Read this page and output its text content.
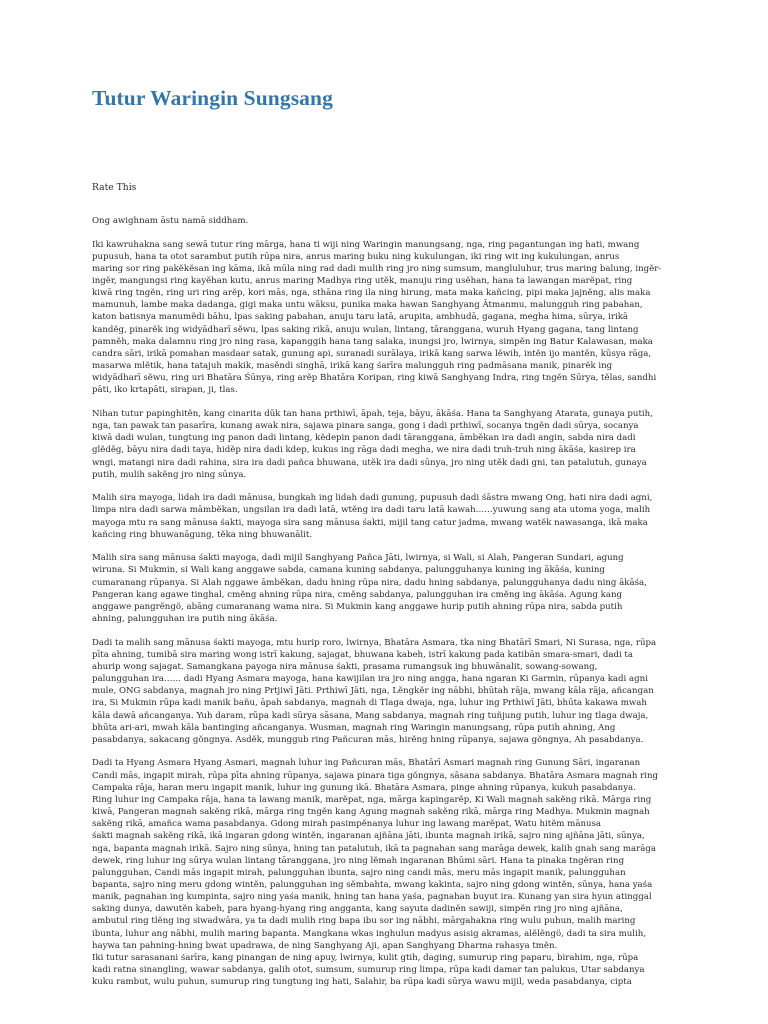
Tutur Waringin Sungsang
Rate This
Ong awighnam āstu namā siddham.
Iki kawruhakna sang sewā tutur ring mārga, hana ti wiji ning Waringin manungsang, nga, ring pagantungan ing hati, mwang
pupusuh, hana ta otot sarambut putih rūpa nira, anrus maring buku ning kukulungan, iki ring wit ing kukulungan, anrus
maring sor ring pakĕkĕsan ing kāma, ikā mūla ning rad dadi mulih ring jro ning sumsum, mangluluhur, trus maring balung, ingĕr-
ingĕr, mangungsi ring kayĕhan kutu, anrus maring Madhya ring utĕk, manuju ring usĕhan, hana ta lawangan marĕpat, ring
kiwā ring tngĕn, ring uri ring arĕp, kori mās, nga, sthāna ring ila ning hirung, mata maka kañcing, pipi maka jajnĕng, alis maka
mamunuh, lambe maka dadanga, gigi maka untu wāksu, punika maka hawan Sanghyang Ātmanmu, malungguh ring pabahan,
katon batisnya manumĕdi bāhu, lpas saking pabahan, anuju taru latā, arupita, ambhudā, gagana, megha hima, sūrya, irikā
kandĕg, pinarĕk ing widyādharī sĕwu, lpas saking rikā, anuju wulan, lintang, tāranggana, wuruh Hyang gagana, tang lintang
pamnĕh, maka dalamnu ring jro ning rasa, kapanggih hana tang salaka, inungsi jro, lwirnya, simpĕn ing Batur Kalawasan, maka
candra sāri, irikā pomahan masdaar satak, gunung api, suranadi surālaya, irikā kang sarwa lĕwih, intĕn ijo mantĕn, kūsya rāga,
masarwa mlĕtik, hana tatajuh makik, masĕndi singhā, irikā kang śarīra malungguh ring padmāsana manik, pinarĕk ing
widyādharī sĕwu, ring uri Bhatāra Śūnya, ring arĕp Bhatāra Koripan, ring kiwā Sanghyang Indra, ring tngĕn Sūrya, tĕlas, sandhi
pāti, iko krtapāti, sirapan, ji, tlas.
Nihan tutur papinghitĕn, kang cinarita dūk tan hana prthiwī, āpah, teja, bāyu, ākāśa. Hana ta Sanghyang Atarata, gunaya putih,
nga, tan pawak tan pasarīra, kunang awak nira, sajawa pinara sanga, gong i dadi prthiwī, socanya tngĕn dadi sūrya, socanya
kiwā dadi wulan, tungtung ing panon dadi lintang, kĕdepin panon dadi tāranggana, āmbĕkan ira dadi angin, sabda nira dadi
glĕdĕg, bāyu nira dadi taya, hidĕp nira dadi kdep, kukus ing rāga dadi megha, we nira dadi truh-truh ning ākāśa, kasirep ira
wngi, matangi nira dadi rahina, sira ira dadi pañca bhuwana, utĕk ira dadi sūnya, jro ning utĕk dadi gni, tan patalutuh, gunaya
putih, mulih sakĕng jro ning sūnya.
Malih sira mayoga, lidah ira dadi mānusa, bungkah ing lidah dadi gunung, pupusuh dadi śāstra mwang Ong, hati nira dadi agni,
limpa nira dadi sarwa māmbĕkan, ungsilan ira dadi latā, wtĕng ira dadi taru latā kawah……yuwung sang ata utoma yoga, malih
mayoga mtu ra sang mānusa śakti, mayoga sira sang mānusa śakti, mijil tang catur jadma, mwang watĕk nawasanga, ikā maka
kañcing ring bhuwanāgung, tĕka ning bhuwanālit.
Malih sira sang mānusa śakti mayoga, dadi mijil Sanghyang Pañca Jāti, lwirnya, si Wali, si Alah, Pangeran Sundari, agung
wiruna. Si Mukmin, si Wali kang anggawe sabda, camana kuning sabdanya, palungguhanya kuning ing ākāśa, kuning
cumaranang rūpanya. Si Alah nggawe āmbĕkan, dadu hning rūpa nira, dadu hning sabdanya, palungguhanya dadu ning ākāśa,
Pangeran kang agawe tinghal, cmĕng ahning rūpa nira, cmĕng sabdanya, palungguhan ira cmĕng ing ākāśa. Agung kang
anggawe pangrĕngö, abāng cumaranang wama nira. Si Mukmin kang anggawe hurip putih ahning rūpa nira, sabda putih
ahning, palungguhan ira putih ning ākāśa.
Dadi ta malih sang mānusa śakti mayoga, mtu hurip roro, lwirnya, Bhatāra Asmara, tka ning Bhatārī Smari, Ni Surasa, nga, rūpa
pīta ahning, tumibā sira maring wong istrī kakung, sajagat, bhuwana kabeh, istrī kakung pada katibān smara-smari, dadi ta
ahurip wong sajagat. Samangkana payoga nira mānusa śakti, prasama rumangsuk ing bhuwānalit, sowang-sowang,
palungguhan ira…… dadi Hyang Asmara mayoga, hana kawijilan ira jro ning angga, hana ngaran Ki Garmin, rūpanya kadi agni
mule, ONG sabdanya, magnah jro ning Prtjiwī Jāti. Prthiwī Jāti, nga, Lĕngkĕr ing nābhi, bhūtah rāja, mwang kāla rāja, añcangan
ira, Si Mukmin rūpa kadi manik bañu, āpah sabdanya, magnah di Tlaga dwaja, nga, luhur ing Prthiwī Jāti, bhūta kakawa mwah
kāla dawā añcanganya. Yuh daram, rūpa kadi sūrya sāsana, Mang sabdanya, magnah ring tuñjung putih, luhur ing tlaga dwaja,
bhūta ari-ari, mwah kāla bantinging añcanganya. Wusman, magnah ring Waringin manungsang, rūpa putih ahning, Ang
pasabdanya, sakacang gŏngnya. Asdĕk, munggub ring Pañcuran mās, hirĕng hning rūpanya, sajawa gŏngnya, Ah pasabdanya.
Dadi ta Hyang Asmara Hyang Asmari, magnah luhur ing Pañcuran mās, Bhatārī Asmari magnah ring Gunung Sāri, ingaranan
Candi mās, ingapit mirah, rūpa pīta ahning rūpanya, sajawa pinara tiga gŏngnya, sāsana sabdanya. Bhatāra Asmara magnah ring
Campaka rāja, haran meru ingapit manik, luhur ing gunung ikā. Bhatāra Asmara, pinge ahning rūpanya, kukuh pasabdanya.
Ring luhur ing Campaka rāja, hana ta lawang manik, marĕpat, nga, mārga kapingarĕp, Ki Wali magnah sakĕng rikā. Mārga ring
kiwā, Pangeran magnah sakĕng rikā, mārga ring tngĕn kang Agung magnah sakĕng rikā, mārga ring Madhya. Mukmin magnah
sakĕng rikā, amañca wama pasabdanya. Gdong mirah pasimpĕnanya luhur ing lawang marĕpat, Watu hitĕm mānusa
śakti magnah sakĕng rikā, ikā ingaran gdong wintĕn, ingaranan ajñāna jāti, ibunta magnah irikā, sajro ning ajñāna jāti, sūnya,
nga, bapanta magnah irikā. Sajro ning sūnya, hning tan patalutuh, ikā ta pagnahan sang marāga dewek, kalih gnah sang marāga
dewek, ring luhur ing sūrya wulan lintang tāranggana, jro ning lĕmah ingaranan Bhūmi sāri. Hana ta pinaka tngĕran ring
palungguhan, Candi mās ingapit mirah, palungguhan ibunta, sajro ning candi mās, meru mās ingapit manik, palungguhan
bapanta, sajro ning meru gdong wintĕn, palungguhan ing sĕmbahta, mwang kakinta, sajro ning gdong wintĕn, sūnya, hana yaśa
manik, pagnahan ing kumpinta, sajro ning yaśa manik, hning tan hana yaśa, pagnahan buyut ira. Kunang yan sira hyun atinggal
saking dunya, dawutĕn kabeh, para hyang-hyang ring angganta, kang sayuta dadinĕn sawiji, simpĕn ring jro ning ajñāna,
ambutul ring tlĕng ing siwadwāra, ya ta dadi mulih ring bapa ibu sor ing nābhi, mārgahakna ring wulu puhun, malih maring
ibunta, luhur ang nābhi, mulih maring bapanta. Mangkana wkas inghulun madyus asisig akramas, alĕlĕngö, dadi ta sira mulih,
haywa tan pahning-hning bwat upadrawa, de ning Sanghyang Aji, apan Sanghyang Dharma rahasya tmĕn.
Iki tutur sarasanani śarīra, kang pinangan de ning apuy, lwirnya, kulit gtih, daging, sumurup ring paparu, birahim, nga, rūpa
kadi ratna sinangling, wawar sabdanya, galih otot, sumsum, sumurup ring limpa, rūpa kadi damar tan palukus, Utar sabdanya
kuku rambut, wulu puhun, sumurup ring tungtung ing hati, Salahir, ba rūpa kadi sūrya wawu mijil, weda pasabdanya, cipta
